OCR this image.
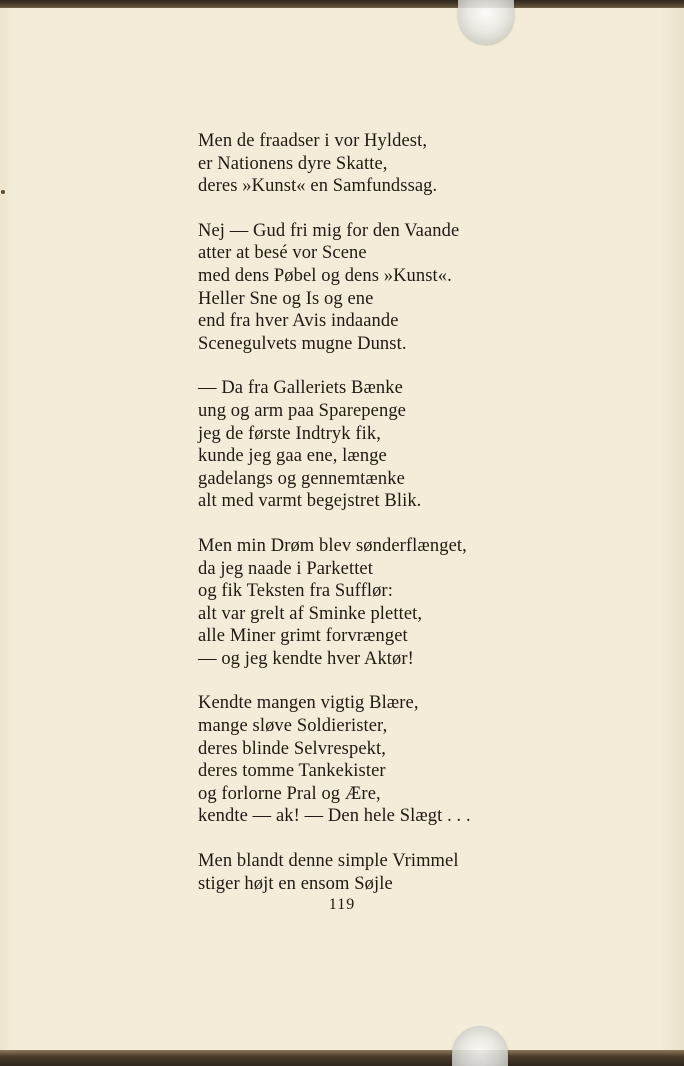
Men de fraadser i vor Hyldest,
er Nationens dyre Skatte,
deres »Kunst« en Samfundssag.
Nej — Gud fri mig for den Vaande
atter at besé vor Scene
med dens Pøbel og dens »Kunst«.
Heller Sne og Is og ene
end fra hver Avis indaande
Scenegulvets mugne Dunst.
— Da fra Galleriets Bænke
ung og arm paa Sparepenge
jeg de første Indtryk fik,
kunde jeg gaa ene, længe
gadelangs og gennemtænke
alt med varmt begejstret Blik.
Men min Drøm blev sønderflænget,
da jeg naade i Parkettet
og fik Teksten fra Sufflør:
alt var grelt af Sminke plettet,
alle Miner grimt forvrænget
— og jeg kendte hver Aktør!
Kendte mangen vigtig Blære,
mange sløve Soldierister,
deres blinde Selvrespekt,
deres tomme Tankekister
og forlorne Pral og Ære,
kendte — ak! — Den hele Slægt . . .
Men blandt denne simple Vrimmel
stiger højt en ensom Søjle
119
